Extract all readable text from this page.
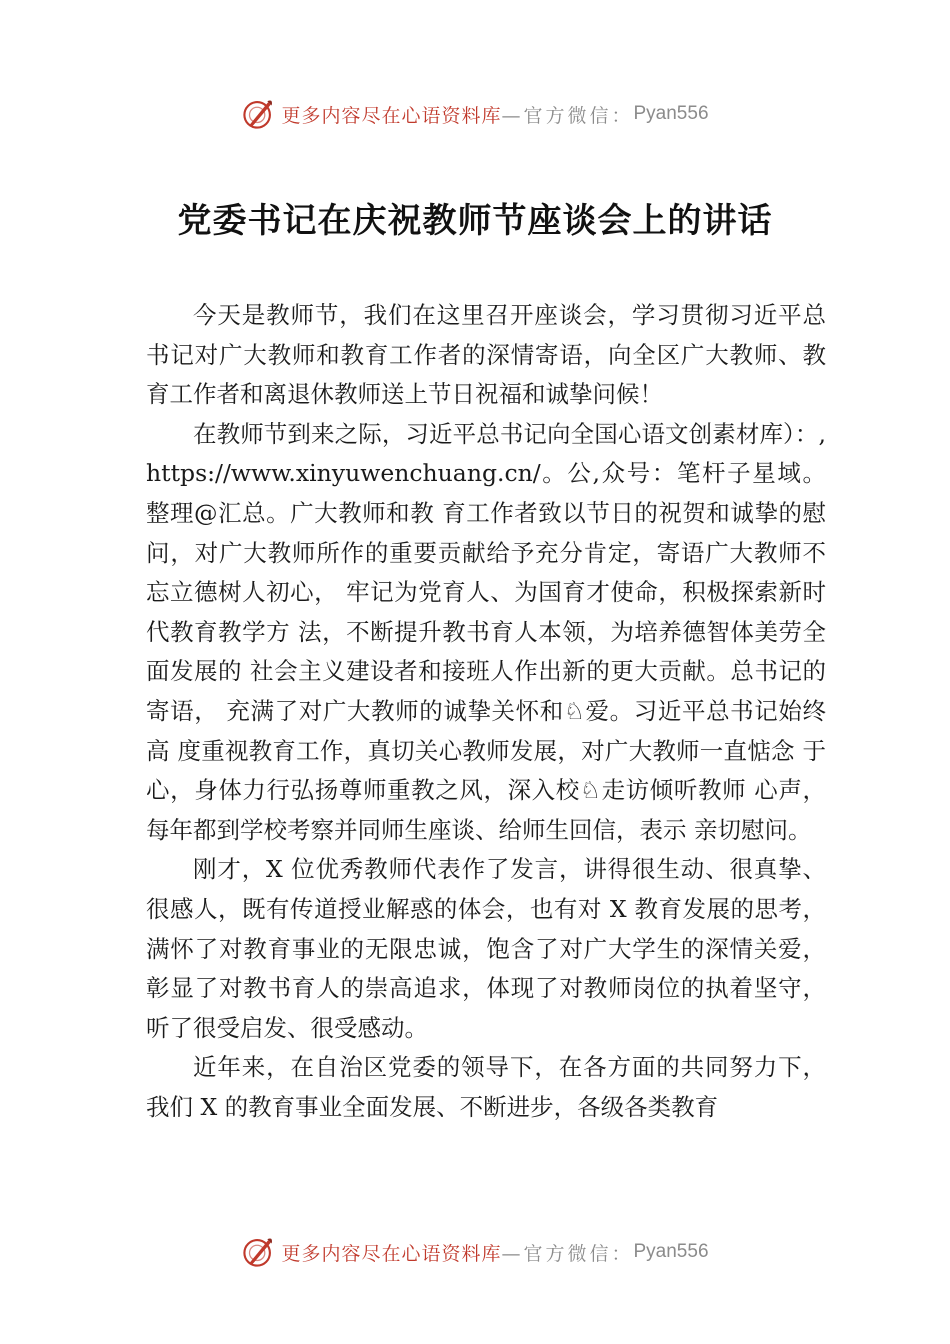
更多内容尽在心语资料库 —官方微信： Pyan556
党委书记在庆祝教师节座谈会上的讲话

今天是教师节，我们在这里召开座谈会，学习贯彻习近平总书记对广大教师和教育工作者的深情寄语，向全区广大教师、教育工作者和离退休教师送上节日祝福和诚挚问候！

在教师节到来之际，习近平总书记向全国心语文创素材库）：,https://www.xinyuwenchuang.cn/。公,众号：笔杆子星域。整理@汇总。广大教师和教 育工作者致以节日的祝贺和诚挚的慰问，对广大教师所作的重要贡献给予充分肯定，寄语广大教师不忘立德树人初心， 牢记为党育人、为国育才使命，积极探索新时代教育教学方 法，不断提升教书育人本领，为培养德智体美劳全面发展的 社会主义建设者和接班人作出新的更大贡献。总书记的寄语， 充满了对广大教师的诚挚关怀和♘爱。习近平总书记始终高 度重视教育工作，真切关心教师发展，对广大教师一直惦念 于心，身体力行弘扬尊师重教之风，深入校♘走访倾听教师 心声，每年都到学校考察并同师生座谈、给师生回信，表示 亲切慰问。

刚才，X 位优秀教师代表作了发言，讲得很生动、很真挚、很感人，既有传道授业解惑的体会，也有对 X 教育发展的思考，满怀了对教育事业的无限忠诚，饱含了对广大学生的深情关爱，彰显了对教书育人的崇高追求，体现了对教师岗位的执着坚守，听了很受启发、很受感动。

近年来，在自治区党委的领导下，在各方面的共同努力下，我们 X 的教育事业全面发展、不断进步，各级各类教育

更多内容尽在心语资料库 —官方微信： Pyan556
